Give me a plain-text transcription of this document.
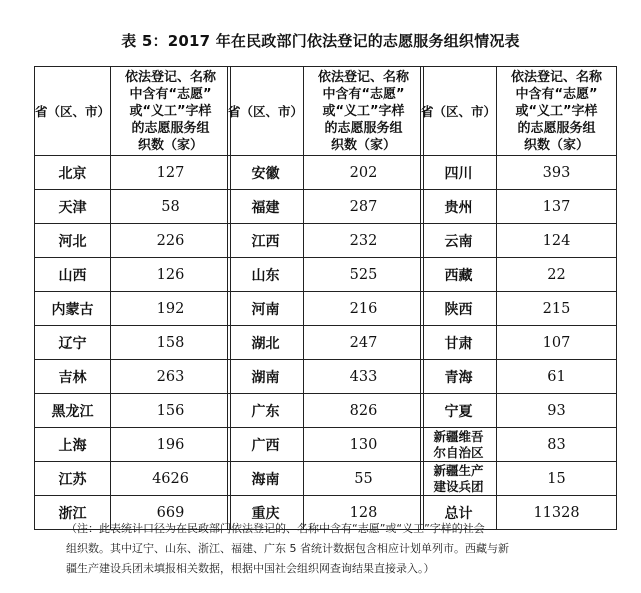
表 5：2017 年在民政部门依法登记的志愿服务组织情况表
省（区、市）	依法登记、名称
中含有“志愿”
或“义工”字样
的志愿服务组
织数（家）

北京	127
天津	58
河北	226
山西	126
内蒙古	192
辽宁	158
吉林	263
黑龙江	156
上海	196
江苏	4626
浙江	669
省（区、市）	依法登记、名称
中含有“志愿”
或“义工”字样
的志愿服务组
织数（家）

安徽	202
福建	287
江西	232
山东	525
河南	216
湖北	247
湖南	433
广东	826
广西	130
海南	55
重庆	128
省（区、市）	依法登记、名称
中含有“志愿”
或“义工”字样
的志愿服务组
织数（家）

四川	393
贵州	137
云南	124
西藏	22
陕西	215
甘肃	107
青海	61
宁夏	93

新疆维吾
尔自治区	83

新疆生产
建设兵团	15
总计	11328
（注：此表统计口径为在民政部门依法登记的、名称中含有“志愿”或“义工”字样的社会
组织数。其中辽宁、山东、浙江、福建、广东 5 省统计数据包含相应计划单列市。西藏与新
疆生产建设兵团未填报相关数据，根据中国社会组织网查询结果直接录入。）
